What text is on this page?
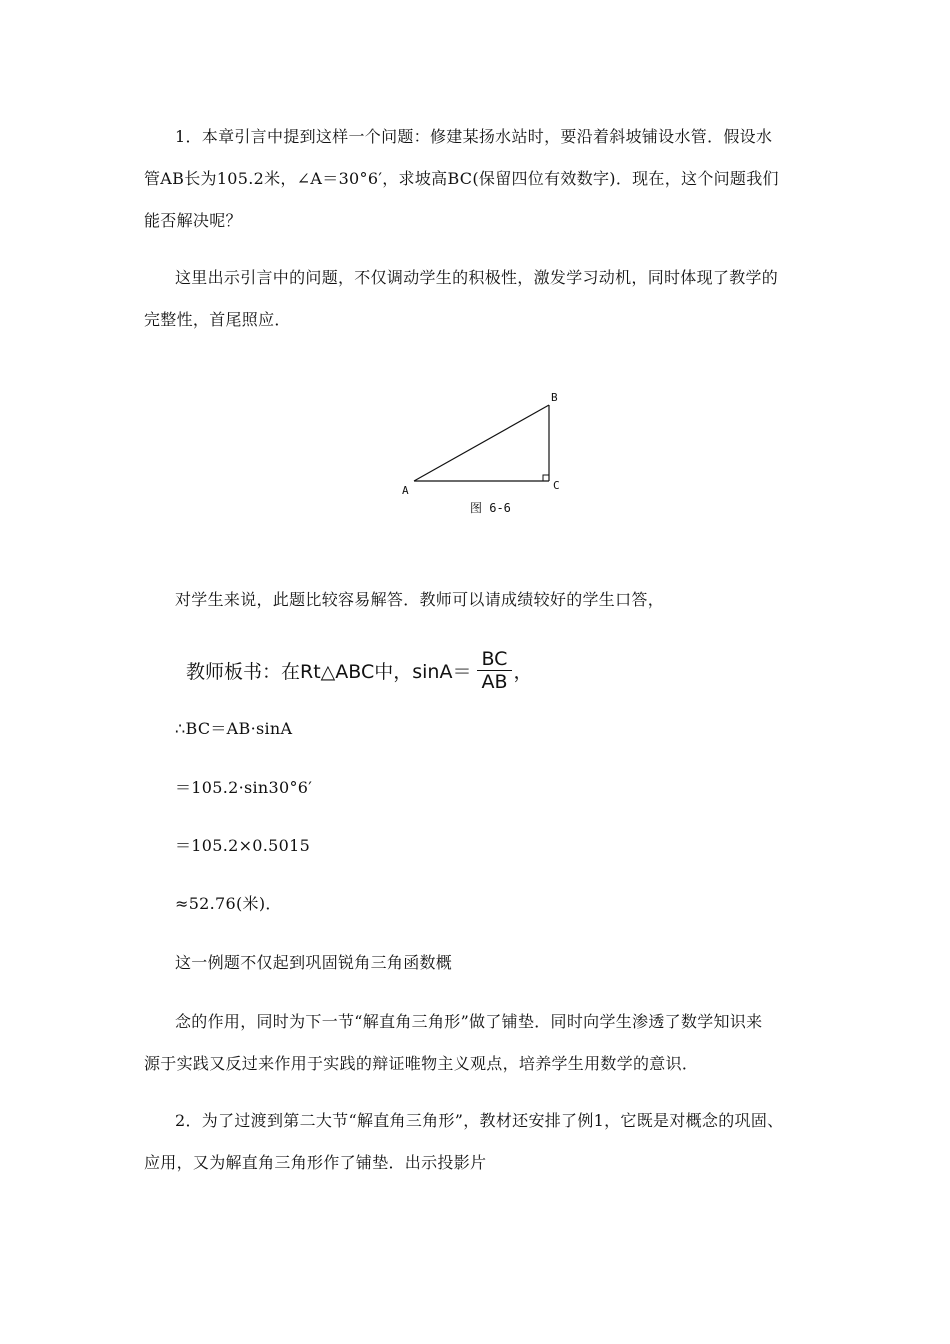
1．本章引言中提到这样一个问题：修建某扬水站时，要沿着斜坡铺设水管．假设水
管AB长为105.2米，∠A＝30°6′，求坡高BC(保留四位有效数字)．现在，这个问题我们
能否解决呢？
这里出示引言中的问题，不仅调动学生的积极性，激发学习动机，同时体现了教学的
完整性，首尾照应．
A
B
C
图 6-6
对学生来说，此题比较容易解答．教师可以请成绩较好的学生口答，
教师板书：在Rt△ABC中， $\sin A= \frac{BC}{AB}$ ，
∴BC＝AB·sinA
＝105.2·sin30°6′
＝105.2×0.5015
≈52.76(米)．
这一例题不仅起到巩固锐角三角函数概
念的作用，同时为下一节“解直角三角形”做了铺垫．同时向学生渗透了数学知识来
源于实践又反过来作用于实践的辩证唯物主义观点，培养学生用数学的意识．
2．为了过渡到第二大节“解直角三角形”，教材还安排了例1，它既是对概念的巩固、
应用，又为解直角三角形作了铺垫．出示投影片
